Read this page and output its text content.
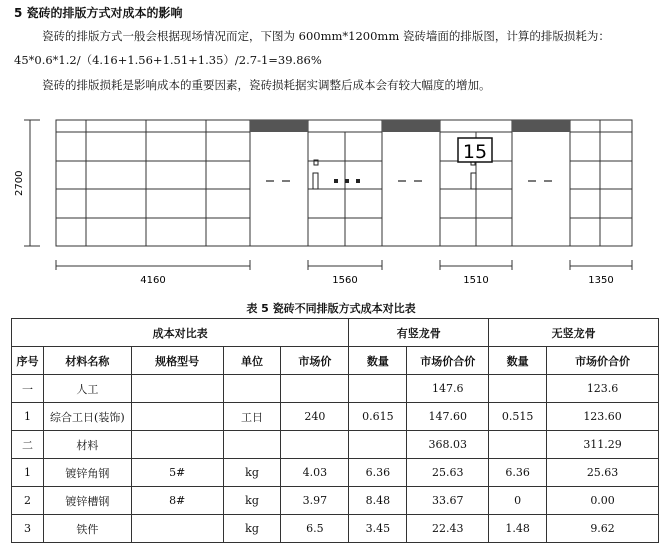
5 瓷砖的排版方式对成本的影响
瓷砖的排版方式一般会根据现场情况而定，下图为 600mm*1200mm 瓷砖墙面的排版图，计算的排版损耗为：
45*0.6*1.2/（4.16+1.56+1.51+1.35）/2.7-1=39.86%
瓷砖的排版损耗是影响成本的重要因素，瓷砖损耗据实调整后成本会有较大幅度的增加。
2700
15
4160	1560	1510	1350
表 5 瓷砖不同排版方式成本对比表
成本对比表					有竖龙骨		无竖龙骨	
序号	材料名称	规格型号	单位	市场价	数量	市场价合价	数量	市场价合价
一	人工					147.6		123.6
1	综合工日(装饰)		工日	240	0.615	147.60	0.515	123.60
二	材料					368.03		311.29
1	镀锌角钢	5#	kg	4.03	6.36	25.63	6.36	25.63
2	镀锌槽钢	8#	kg	3.97	8.48	33.67	0	0.00
3	铁件		kg	6.5	3.45	22.43	1.48	9.62
